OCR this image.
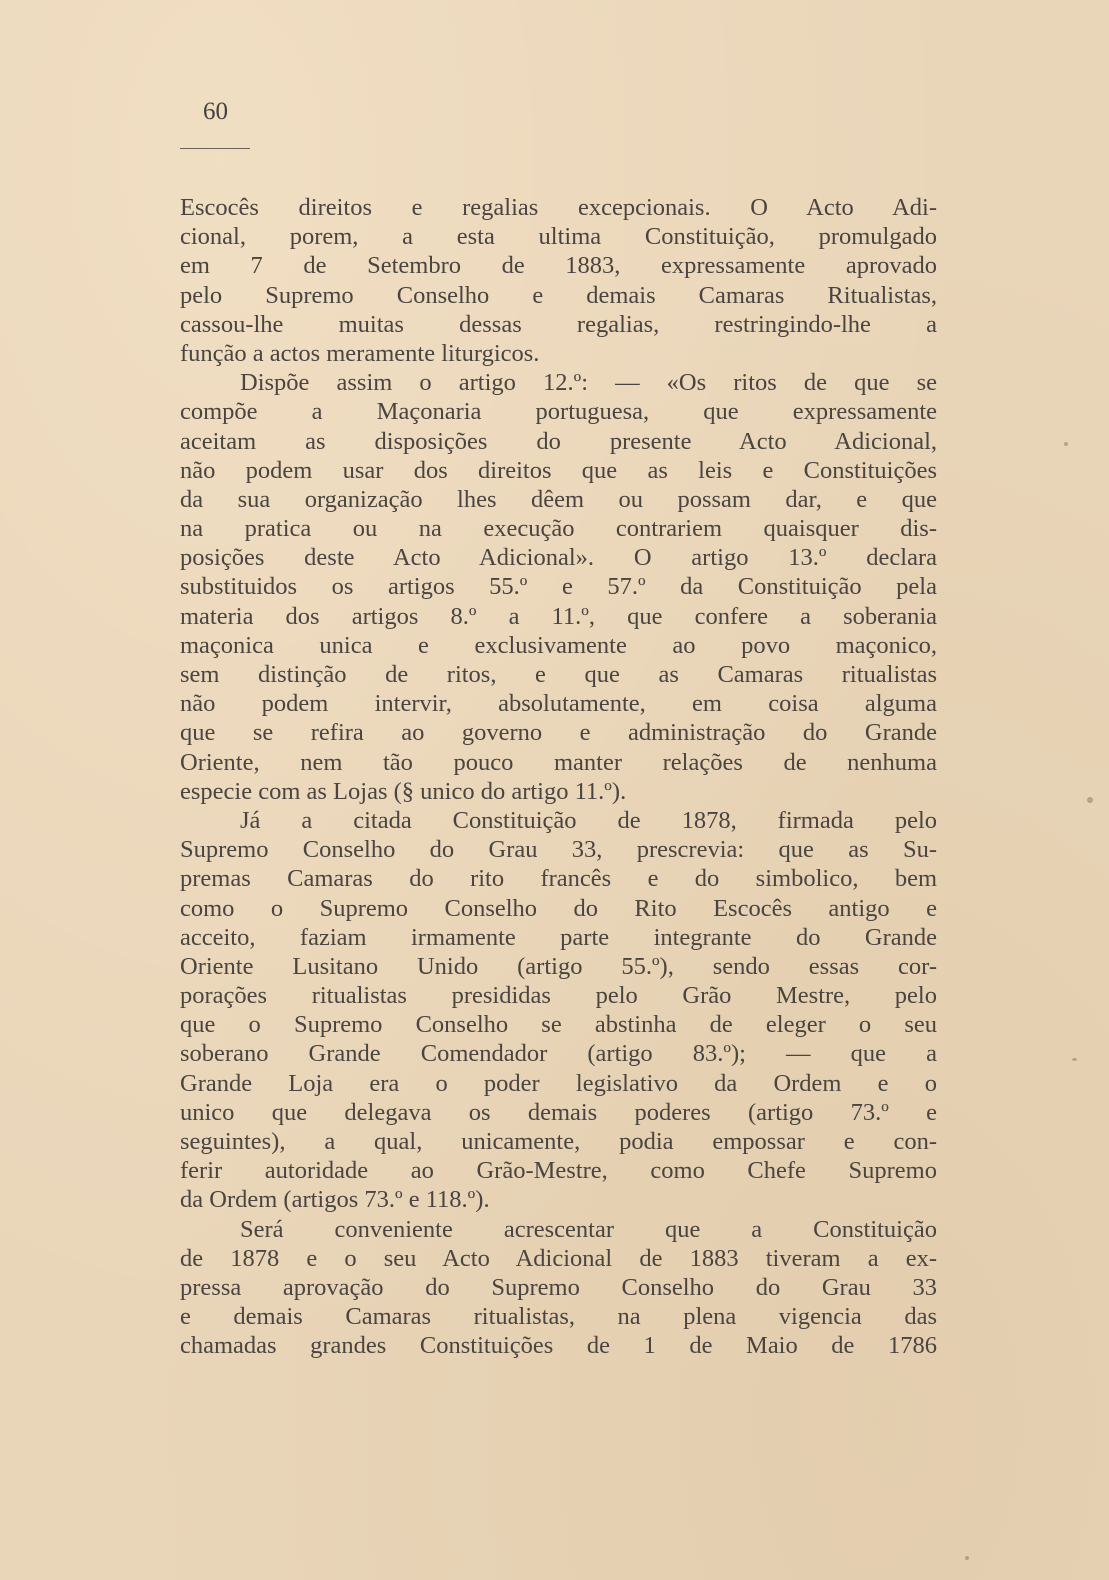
60
Escocês direitos e regalias excepcionais. O Acto Adi-
cional, porem, a esta ultima Constituição, promulgado
em 7 de Setembro de 1883, expressamente aprovado
pelo Supremo Conselho e demais Camaras Ritualistas,
cassou-lhe muitas dessas regalias, restringindo-lhe a
função a actos meramente liturgicos.
Dispõe assim o artigo 12.º: — «Os ritos de que se
compõe a Maçonaria portuguesa, que expressamente
aceitam as disposições do presente Acto Adicional,
não podem usar dos direitos que as leis e Constituições
da sua organização lhes dêem ou possam dar, e que
na pratica ou na execução contrariem quaisquer dis-
posições deste Acto Adicional». O artigo 13.º declara
substituidos os artigos 55.º e 57.º da Constituição pela
materia dos artigos 8.º a 11.º, que confere a soberania
maçonica unica e exclusivamente ao povo maçonico,
sem distinção de ritos, e que as Camaras ritualistas
não podem intervir, absolutamente, em coisa alguma
que se refira ao governo e administração do Grande
Oriente, nem tão pouco manter relações de nenhuma
especie com as Lojas (§ unico do artigo 11.º).
Já a citada Constituição de 1878, firmada pelo
Supremo Conselho do Grau 33, prescrevia: que as Su-
premas Camaras do rito francês e do simbolico, bem
como o Supremo Conselho do Rito Escocês antigo e
acceito, faziam irmamente parte integrante do Grande
Oriente Lusitano Unido (artigo 55.º), sendo essas cor-
porações ritualistas presididas pelo Grão Mestre, pelo
que o Supremo Conselho se abstinha de eleger o seu
soberano Grande Comendador (artigo 83.º); — que a
Grande Loja era o poder legislativo da Ordem e o
unico que delegava os demais poderes (artigo 73.º e
seguintes), a qual, unicamente, podia empossar e con-
ferir autoridade ao Grão-Mestre, como Chefe Supremo
da Ordem (artigos 73.º e 118.º).
Será conveniente acrescentar que a Constituição
de 1878 e o seu Acto Adicional de 1883 tiveram a ex-
pressa aprovação do Supremo Conselho do Grau 33
e demais Camaras ritualistas, na plena vigencia das
chamadas grandes Constituições de 1 de Maio de 1786
